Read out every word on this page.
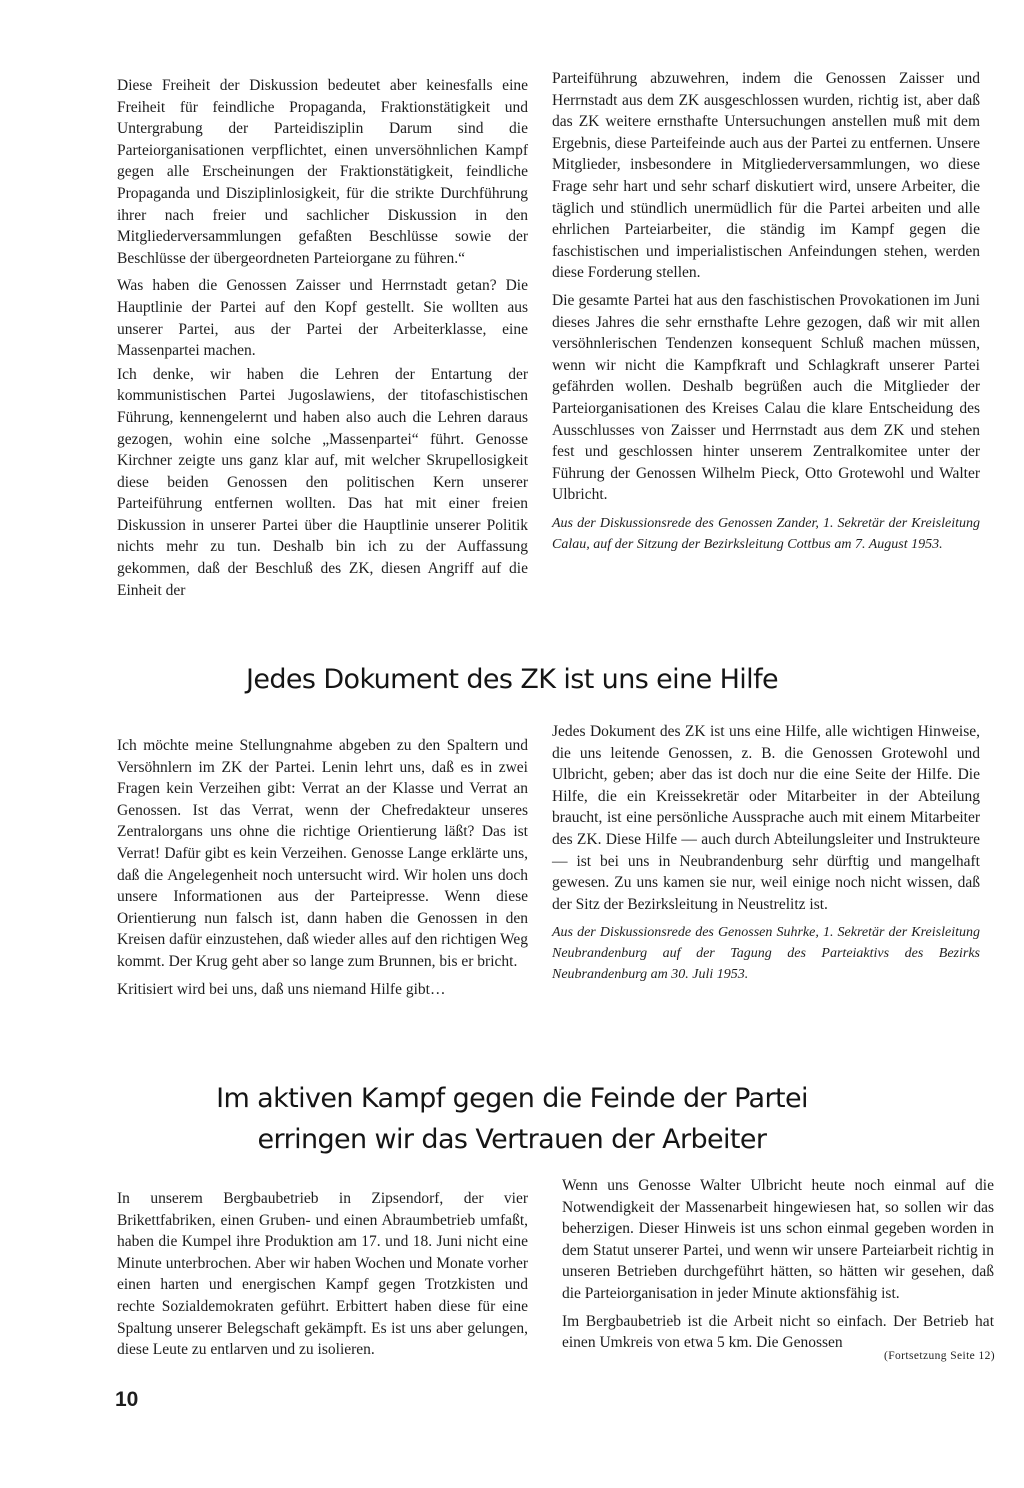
Diese Freiheit der Diskussion bedeutet aber keinesfalls eine Freiheit für feindliche Propaganda, Fraktionstätigkeit und Untergrabung der Parteidisziplin Darum sind die Parteiorganisationen verpflichtet, einen unversöhnlichen Kampf gegen alle Erscheinungen der Fraktionstätigkeit, feindliche Propaganda und Disziplinlosigkeit, für die strikte Durchführung ihrer nach freier und sachlicher Diskussion in den Mitgliederversammlungen gefaßten Beschlüsse sowie der Beschlüsse der übergeordneten Parteiorgane zu führen.“

Was haben die Genossen Zaisser und Herrnstadt getan? Die Hauptlinie der Partei auf den Kopf gestellt. Sie wollten aus unserer Partei, aus der Partei der Arbeiterklasse, eine Massenpartei machen.

Ich denke, wir haben die Lehren der Entartung der kommunistischen Partei Jugoslawiens, der titofaschistischen Führung, kennengelernt und haben also auch die Lehren daraus gezogen, wohin eine solche „Massenpartei“ führt. Genosse Kirchner zeigte uns ganz klar auf, mit welcher Skrupellosigkeit diese beiden Genossen den politischen Kern unserer Parteiführung entfernen wollten. Das hat mit einer freien Diskussion in unserer Partei über die Hauptlinie unserer Politik nichts mehr zu tun. Deshalb bin ich zu der Auffassung gekommen, daß der Beschluß des ZK, diesen Angriff auf die Einheit der

Parteiführung abzuwehren, indem die Genossen Zaisser und Herrnstadt aus dem ZK ausgeschlossen wurden, richtig ist, aber daß das ZK weitere ernsthafte Untersuchungen anstellen muß mit dem Ergebnis, diese Parteifeinde auch aus der Partei zu entfernen. Unsere Mitglieder, insbesondere in Mitgliederversammlungen, wo diese Frage sehr hart und sehr scharf diskutiert wird, unsere Arbeiter, die täglich und stündlich unermüdlich für die Partei arbeiten und alle ehrlichen Parteiarbeiter, die ständig im Kampf gegen die faschistischen und imperialistischen Anfeindungen stehen, werden diese Forderung stellen.

Die gesamte Partei hat aus den faschistischen Provokationen im Juni dieses Jahres die sehr ernsthafte Lehre gezogen, daß wir mit allen versöhnlerischen Tendenzen konsequent Schluß machen müssen, wenn wir nicht die Kampfkraft und Schlagkraft unserer Partei gefährden wollen. Deshalb begrüßen auch die Mitglieder der Parteiorganisationen des Kreises Calau die klare Entscheidung des Ausschlusses von Zaisser und Herrnstadt aus dem ZK und stehen fest und geschlossen hinter unserem Zentralkomitee unter der Führung der Genossen Wilhelm Pieck, Otto Grotewohl und Walter Ulbricht.

Aus der Diskussionsrede des Genossen Zander, 1. Sekretär der Kreisleitung Calau, auf der Sitzung der Bezirksleitung Cottbus am 7. August 1953.

Jedes Dokument des ZK ist uns eine Hilfe

Ich möchte meine Stellungnahme abgeben zu den Spaltern und Versöhnlern im ZK der Partei. Lenin lehrt uns, daß es in zwei Fragen kein Verzeihen gibt: Verrat an der Klasse und Verrat an Genossen. Ist das Verrat, wenn der Chefredakteur unseres Zentralorgans uns ohne die richtige Orientierung läßt? Das ist Verrat! Dafür gibt es kein Verzeihen. Genosse Lange erklärte uns, daß die Angelegenheit noch untersucht wird. Wir holen uns doch unsere Informationen aus der Parteipresse. Wenn diese Orientierung nun falsch ist, dann haben die Genossen in den Kreisen dafür einzustehen, daß wieder alles auf den richtigen Weg kommt. Der Krug geht aber so lange zum Brunnen, bis er bricht.

Kritisiert wird bei uns, daß uns niemand Hilfe gibt…

Jedes Dokument des ZK ist uns eine Hilfe, alle wichtigen Hinweise, die uns leitende Genossen, z. B. die Genossen Grotewohl und Ulbricht, geben; aber das ist doch nur die eine Seite der Hilfe. Die Hilfe, die ein Kreissekretär oder Mitarbeiter in der Abteilung braucht, ist eine persönliche Aussprache auch mit einem Mitarbeiter des ZK. Diese Hilfe — auch durch Abteilungsleiter und Instrukteure — ist bei uns in Neubrandenburg sehr dürftig und mangelhaft gewesen. Zu uns kamen sie nur, weil einige noch nicht wissen, daß der Sitz der Bezirksleitung in Neustrelitz ist.

Aus der Diskussionsrede des Genossen Suhrke, 1. Sekretär der Kreisleitung Neubrandenburg auf der Tagung des Parteiaktivs des Bezirks Neubrandenburg am 30. Juli 1953.

Im aktiven Kampf gegen die Feinde der Partei
erringen wir das Vertrauen der Arbeiter

In unserem Bergbaubetrieb in Zipsendorf, der vier Brikettfabriken, einen Gruben- und einen Abraumbetrieb umfaßt, haben die Kumpel ihre Produktion am 17. und 18. Juni nicht eine Minute unterbrochen. Aber wir haben Wochen und Monate vorher einen harten und energischen Kampf gegen Trotzkisten und rechte Sozialdemokraten geführt. Erbittert haben diese für eine Spaltung unserer Belegschaft gekämpft. Es ist uns aber gelungen, diese Leute zu entlarven und zu isolieren.

Wenn uns Genosse Walter Ulbricht heute noch einmal auf die Notwendigkeit der Massenarbeit hingewiesen hat, so sollen wir das beherzigen. Dieser Hinweis ist uns schon einmal gegeben worden in dem Statut unserer Partei, und wenn wir unsere Parteiarbeit richtig in unseren Betrieben durchgeführt hätten, so hätten wir gesehen, daß die Parteiorganisation in jeder Minute aktionsfähig ist.

Im Bergbaubetrieb ist die Arbeit nicht so einfach. Der Betrieb hat einen Umkreis von etwa 5 km. Die Genossen

(Fortsetzung Seite 12)

10
